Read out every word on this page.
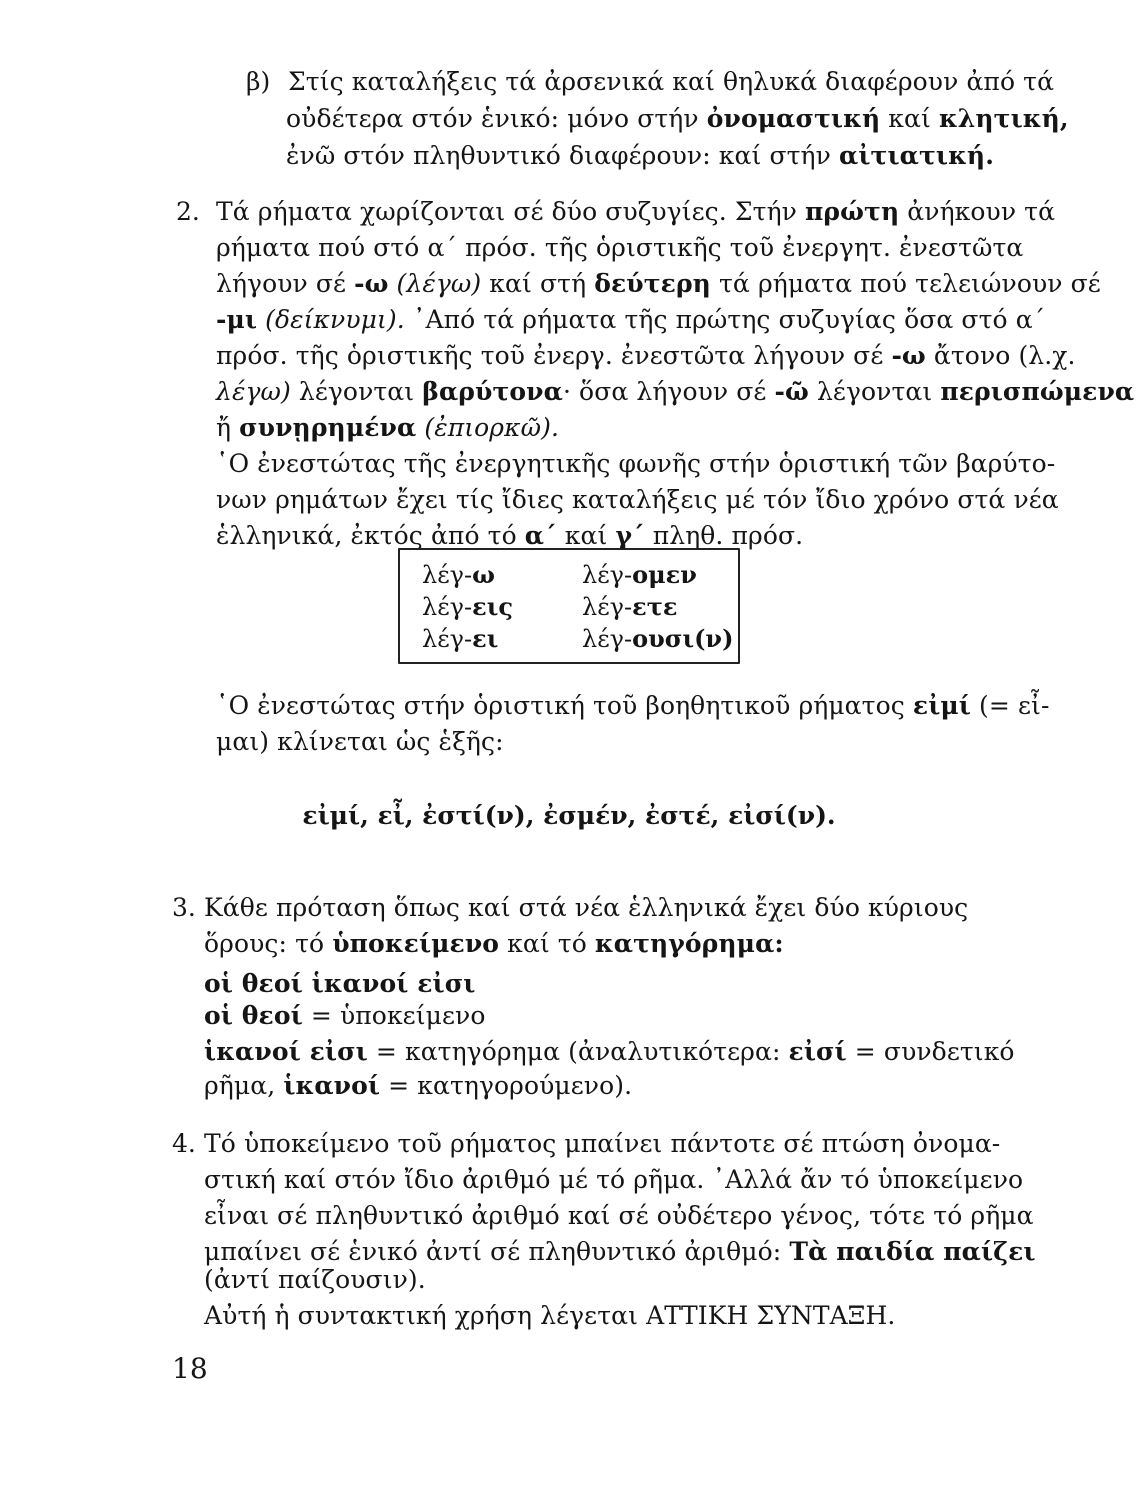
β) Στίς καταλήξεις τά ἀρσενικά καί θηλυκά διαφέρουν ἀπό τά
οὐδέτερα στόν ἑνικό: μόνο στήν ὀνομαστική καί κλητική,
ἐνῶ στόν πληθυντικό διαφέρουν: καί στήν αἰτιατική.
2. Τά ρήματα χωρίζονται σέ δύο συζυγίες. Στήν πρώτη ἀνήκουν τά
ρήματα πού στό α΄ πρόσ. τῆς ὁριστικῆς τοῦ ἐνεργητ. ἐνεστῶτα
λήγουν σέ -ω (λέγω) καί στή δεύτερη τά ρήματα πού τελειώνουν σέ
-μι (δείκνυμι). ᾿Από τά ρήματα τῆς πρώτης συζυγίας ὅσα στό α΄
πρόσ. τῆς ὁριστικῆς τοῦ ἐνεργ. ἐνεστῶτα λήγουν σέ -ω ἄτονο (λ.χ.
λέγω) λέγονται βαρύτονα· ὅσα λήγουν σέ -ῶ λέγονται περισπώμενα
ἤ συνῃρημένα (ἐπιορκῶ).
῾Ο ἐνεστώτας τῆς ἐνεργητικῆς φωνῆς στήν ὁριστική τῶν βαρύτο-
νων ρημάτων ἔχει τίς ἴδιες καταλήξεις μέ τόν ἴδιο χρόνο στά νέα
ἑλληνικά, ἐκτός ἀπό τό α΄ καί γ΄ πληθ. πρόσ.
λέγ-ω
λέγ-εις
λέγ-ει
λέγ-ομεν
λέγ-ετε
λέγ-ουσι(ν)
῾Ο ἐνεστώτας στήν ὁριστική τοῦ βοηθητικοῦ ρήματος εἰμί (= εἶ-
μαι) κλίνεται ὡς ἑξῆς:
εἰμί, εἶ, ἐστί(ν), ἐσμέν, ἐστέ, εἰσί(ν).
3. Κάθε πρόταση ὅπως καί στά νέα ἑλληνικά ἔχει δύο κύριους
ὅρους: τό ὑποκείμενο καί τό κατηγόρημα:
οἱ θεοί ἱκανοί εἰσι
οἱ θεοί = ὑποκείμενο
ἱκανοί εἰσι = κατηγόρημα (ἀναλυτικότερα: εἰσί = συνδετικό
ρῆμα, ἱκανοί = κατηγορούμενο).
4. Τό ὑποκείμενο τοῦ ρήματος μπαίνει πάντοτε σέ πτώση ὀνομα-
στική καί στόν ἴδιο ἀριθμό μέ τό ρῆμα. ᾿Αλλά ἄν τό ὑποκείμενο
εἶναι σέ πληθυντικό ἀριθμό καί σέ οὐδέτερο γένος, τότε τό ρῆμα
μπαίνει σέ ἑνικό ἀντί σέ πληθυντικό ἀριθμό: Τὰ παιδία παίζει
(ἀντί παίζουσιν).
Αὐτή ἡ συντακτική χρήση λέγεται ΑΤΤΙΚΗ ΣΥΝΤΑΞΗ.
18
